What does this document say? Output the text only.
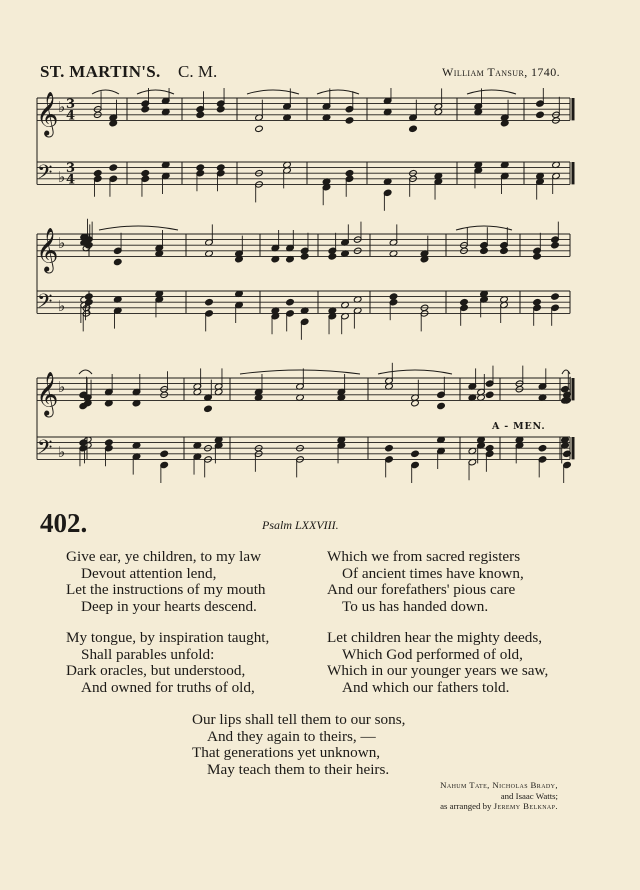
ST. MARTIN'S. C. M.	William Tansur, 1740.
𝄞 ♭ 3
4
𝄢 ♭ 3
4
𝄞 ♭
𝄢 ♭
𝄞 ♭
𝄢 ♭
A - MEN.
402.	Psalm LXXVIII.
Give ear, ye children, to my law
Devout attention lend,
Let the instructions of my mouth
Deep in your hearts descend.
My tongue, by inspiration taught,
Shall parables unfold:
Dark oracles, but understood,
And owned for truths of old,
Which we from sacred registers
Of ancient times have known,
And our forefathers' pious care
To us has handed down.
Let children hear the mighty deeds,
Which God performed of old,
Which in our younger years we saw,
And which our fathers told.
Our lips shall tell them to our sons,
And they again to theirs, —
That generations yet unknown,
May teach them to their heirs.
Nahum Tate, Nicholas Brady,
and Isaac Watts;
as arranged by Jeremy Belknap.
